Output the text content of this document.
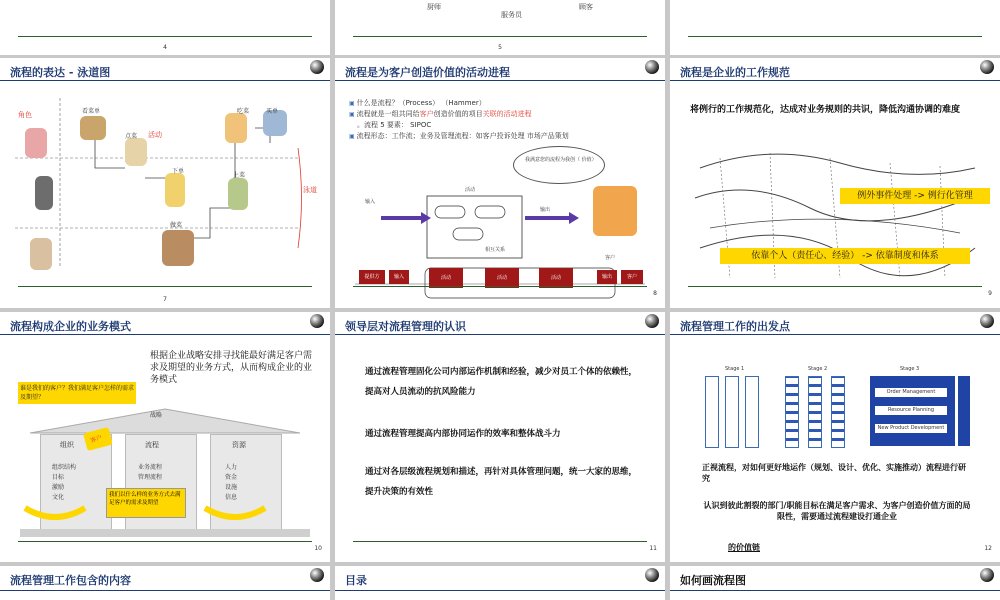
4
厨师	顾客
服务员
5
流程的表达 - 泳道图
角色	看菜单
点菜 活动
吃菜	买单
下单
上菜
泳道
做菜
7
流程是为客户创造价值的活动进程
▣ 什么是流程？（Process） （Hammer）
▣ 流程就是一组共同给客户创造价值的项目关联的活动进程
。流程 5 要素： SIPOC
▣ 流程形态：工作流；业务及管理流程：如客户投诉处理 市场产品策划
我满意您的流程为我创（ 价值）
输入
活动
输出
相互关系
客户
提供方	输入	活动	活动	活动	输出	客户
8
流程是企业的工作规范
将例行的工作规范化，达成对业务规则的共识，降低沟通协调的难度
例外事件处理 -> 例行化管理
依靠个人（责任心、经验） -> 依靠制度和体系
9
流程构成企业的业务模式
根据企业战略安排寻找能最好满足客户需求及期望的业务方式，从而构成企业的业务模式
谁是我们的客户？我们满足客户怎样的需求及期望？
战略
组织	流程	资源
组织结构
目标
激励
文化
业务流程
管理流程
人力
资金
设施
信息
客户
我们以什么样的业务方式去满足客户的需求及期望
10
领导层对流程管理的认识
通过流程管理固化公司内部运作机制和经验，减少对员工个体的依赖性，提高对人员流动的抗风险能力
通过流程管理提高内部协同运作的效率和整体战斗力
通过对各层级流程规划和描述，再针对具体管理问题，统一大家的思维，提升决策的有效性
11
流程管理工作的出发点
Stage 1	Stage 2	Stage 3
Order Management
Resource Planning
New Product Development
正视流程，对如何更好地运作（规划、设计、优化、实施推动）流程进行研究
认识到彼此割裂的部门/职能目标在满足客户需求、为客户创造价值方面的局限性，需要通过流程建设打通企业
的价值链	12
流程管理工作包含的内容	目录	如何画流程图
